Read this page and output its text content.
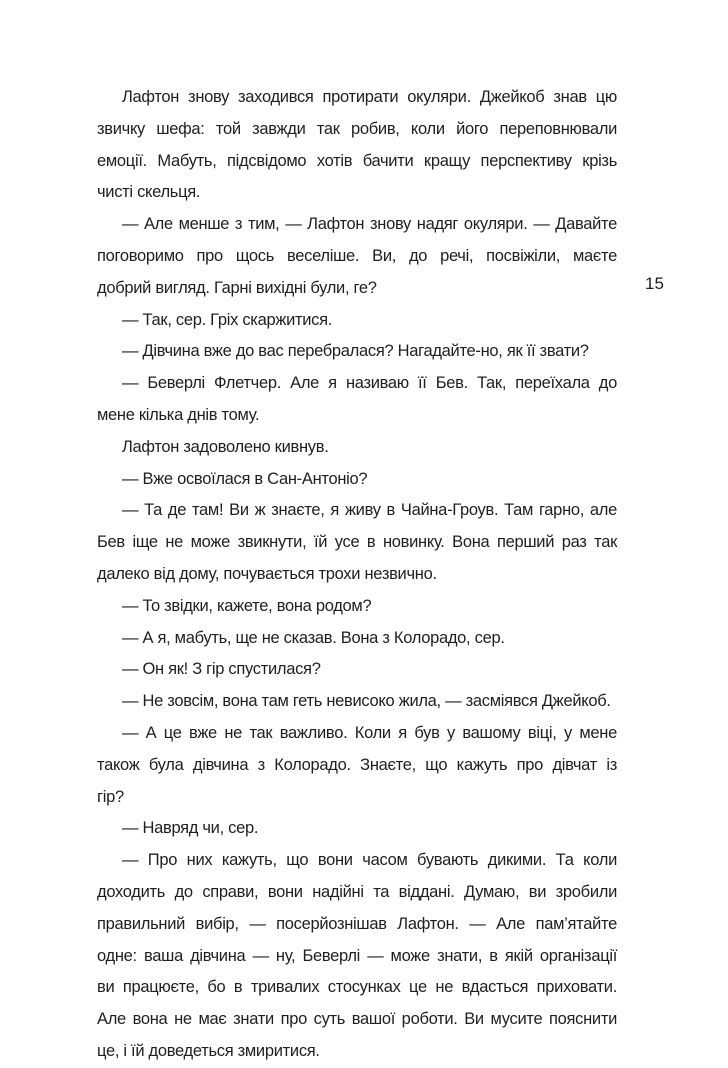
Лафтон знову заходився протирати окуляри. Джейкоб знав цю
звичку шефа: той завжди так робив, коли його переповнювали
емоції. Мабуть, підсвідомо хотів бачити кращу перспективу крізь
чисті скельця.
— Але менше з тим, — Лафтон знову надяг окуляри. — Давайте
поговоримо про щось веселіше. Ви, до речі, посвіжіли, маєте
добрий вигляд. Гарні вихідні були, ге?
— Так, сер. Гріх скаржитися.
— Дівчина вже до вас перебралася? Нагадайте-но, як її звати?
— Беверлі Флетчер. Але я називаю її Бев. Так, переїхала до
мене кілька днів тому.
Лафтон задоволено кивнув.
— Вже освоїлася в Сан-Антоніо?
— Та де там! Ви ж знаєте, я живу в Чайна-Гроув. Там гарно, але
Бев іще не може звикнути, їй усе в новинку. Вона перший раз так
далеко від дому, почувається трохи незвично.
— То звідки, кажете, вона родом?
— А я, мабуть, ще не сказав. Вона з Колорадо, сер.
— Он як! З гір спустилася?
— Не зовсім, вона там геть невисоко жила, — засміявся Джейкоб.
— А це вже не так важливо. Коли я був у вашому віці, у мене
також була дівчина з Колорадо. Знаєте, що кажуть про дівчат із
гір?
— Навряд чи, сер.
— Про них кажуть, що вони часом бувають дикими. Та коли
доходить до справи, вони надійні та віддані. Думаю, ви зробили
правильний вибір, — посерйознішав Лафтон. — Але пам’ятайте
одне: ваша дівчина — ну, Беверлі — може знати, в якій організації
ви працюєте, бо в тривалих стосунках це не вдасться приховати.
Але вона не має знати про суть вашої роботи. Ви мусите пояснити
це, і їй доведеться змиритися.
15
